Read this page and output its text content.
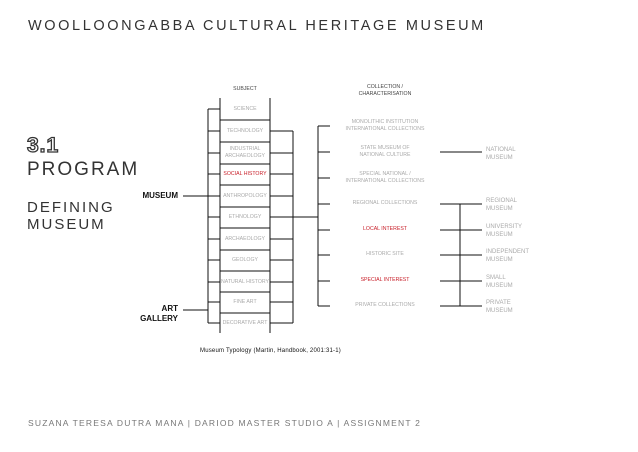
WOOLLOONGABBA CULTURAL HERITAGE MUSEUM
3.1
PROGRAM
DEFINING
MUSEUM
SUZANA TERESA DUTRA MANA | DARIOD MASTER STUDIO A | ASSIGNMENT 2
Museum Typology (Martin, Handbook, 2001:31-1)
MUSEUM
ART
GALLERY
SUBJECT	COLLECTION /
CHARACTERISATION
SCIENCE
TECHNOLOGY
INDUSTRIAL
ARCHAEOLOGY
SOCIAL HISTORY
ANTHROPOLOGY
ETHNOLOGY
ARCHAEOLOGY
GEOLOGY
NATURAL HISTORY
FINE ART
DECORATIVE ART
MONOLITHIC INSTITUTION
INTERNATIONAL COLLECTIONS
STATE MUSEUM OF
NATIONAL CULTURE
SPECIAL NATIONAL /
INTERNATIONAL COLLECTIONS
REGIONAL COLLECTIONS
LOCAL INTEREST
HISTORIC SITE
SPECIAL INTEREST
PRIVATE COLLECTIONS
NATIONAL
MUSEUM
REGIONAL
MUSEUM
UNIVERSITY
MUSEUM
INDEPENDENT
MUSEUM
SMALL
MUSEUM
PRIVATE
MUSEUM
